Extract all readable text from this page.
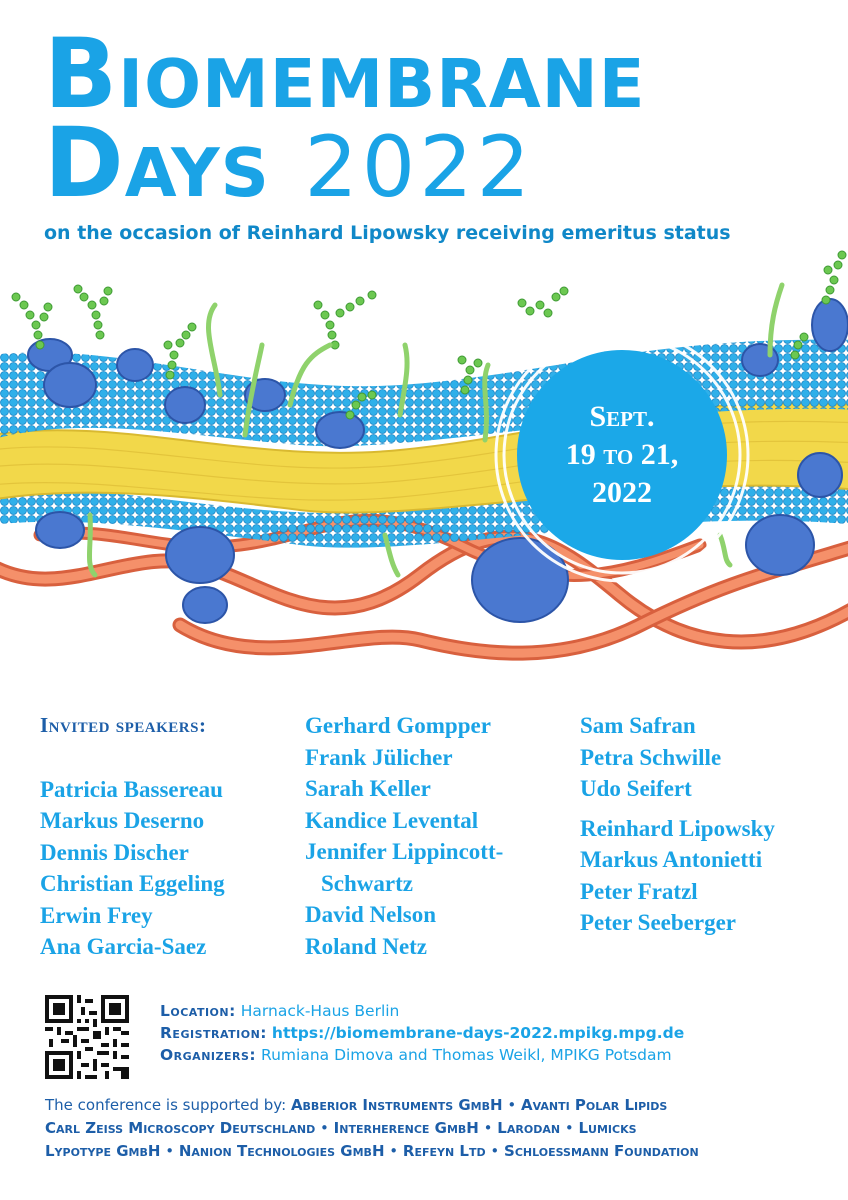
Biomembrane
Days 2022
on the occasion of Reinhard Lipowsky receiving emeritus status
Sept.
19 to 21,
2022
Invited speakers:
Patricia Bassereau
Markus Deserno
Dennis Discher
Christian Eggeling
Erwin Frey
Ana Garcia-Saez
Gerhard Gompper
Frank Jülicher
Sarah Keller
Kandice Levental
Jennifer Lippincott-
Schwartz
David Nelson
Roland Netz
Sam Safran
Petra Schwille
Udo Seifert
Reinhard Lipowsky
Markus Antonietti
Peter Fratzl
Peter Seeberger
Location: Harnack-Haus Berlin
Registration: https://biomembrane-days-2022.mpikg.mpg.de
Organizers: Rumiana Dimova and Thomas Weikl, MPIKG Potsdam
The conference is supported by: Abberior Instruments GmbH • Avanti Polar Lipids
Carl Zeiss Microscopy Deutschland • Interherence GmbH • Larodan • Lumicks
Lypotype GmbH • Nanion Technologies GmbH • Refeyn Ltd • Schloeßmann Foundation
